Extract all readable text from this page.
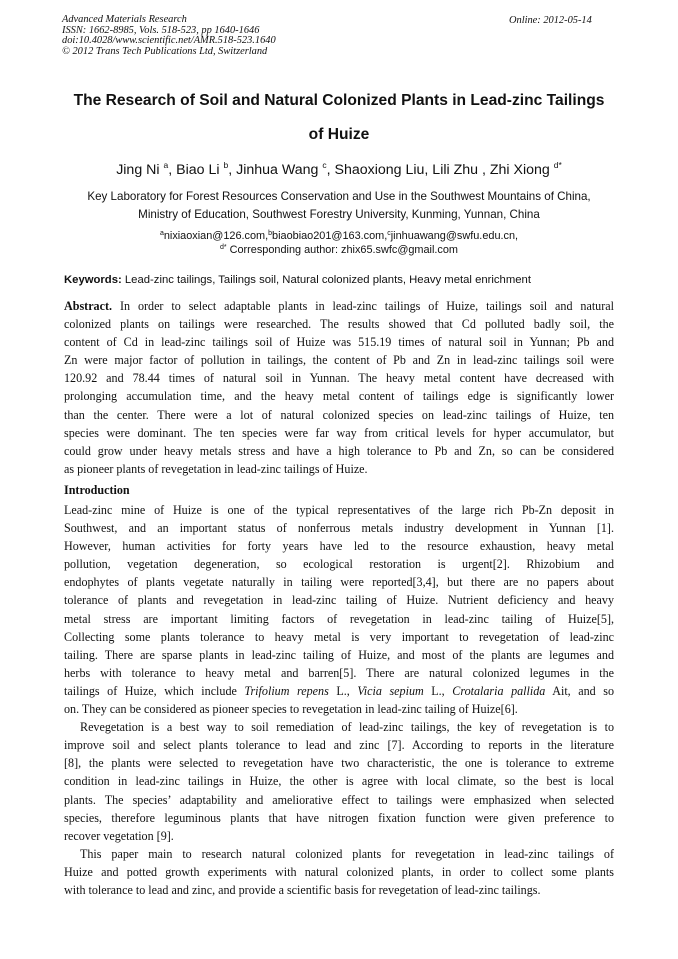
Advanced Materials Research
ISSN: 1662-8985, Vols. 518-523, pp 1640-1646
doi:10.4028/www.scientific.net/AMR.518-523.1640
© 2012 Trans Tech Publications Ltd, Switzerland
Online: 2012-05-14
The Research of Soil and Natural Colonized Plants in Lead-zinc Tailings
of Huize
Jing Ni $^a$, Biao Li $^b$, Jinhua Wang $^c$, Shaoxiong Liu, Lili Zhu , Zhi Xiong $^{d*}$
Key Laboratory for Forest Resources Conservation and Use in the Southwest Mountains of China,
Ministry of Education, Southwest Forestry University, Kunming, Yunnan, China
$^a$nixiaoxian@126.com,$^b$biaobiao201@163.com,$^c$jinhuawang@swfu.edu.cn,
$^{d*}$ Corresponding author: zhix65.swfc@gmail.com
Keywords: Lead-zinc tailings, Tailings soil, Natural colonized plants, Heavy metal enrichment
Abstract. In order to select adaptable plants in lead-zinc tailings of Huize, tailings soil and natural
colonized plants on tailings were researched. The results showed that Cd polluted badly soil, the
content of Cd in lead-zinc tailings soil of Huize was 515.19 times of natural soil in Yunnan; Pb and
Zn were major factor of pollution in tailings, the content of Pb and Zn in lead-zinc tailings soil were
120.92 and 78.44 times of natural soil in Yunnan. The heavy metal content have decreased with
prolonging accumulation time, and the heavy metal content of tailings edge is significantly lower
than the center. There were a lot of natural colonized species on lead-zinc tailings of Huize, ten
species were dominant. The ten species were far way from critical levels for hyper accumulator, but
could grow under heavy metals stress and have a high tolerance to Pb and Zn, so can be considered
as pioneer plants of revegetation in lead-zinc tailings of Huize.
Introduction
Lead-zinc mine of Huize is one of the typical representatives of the large rich Pb-Zn deposit in
Southwest, and an important status of nonferrous metals industry development in Yunnan [1].
However, human activities for forty years have led to the resource exhaustion, heavy metal
pollution, vegetation degeneration, so ecological restoration is urgent[2]. Rhizobium and
endophytes of plants vegetate naturally in tailing were reported[3,4], but there are no papers about
tolerance of plants and revegetation in lead-zinc tailing of Huize. Nutrient deficiency and heavy
metal stress are important limiting factors of revegetation in lead-zinc tailing of Huize[5],
Collecting some plants tolerance to heavy metal is very important to revegetation of lead-zinc
tailing. There are sparse plants in lead-zinc tailing of Huize, and most of the plants are legumes and
herbs with tolerance to heavy metal and barren[5]. There are natural colonized legumes in the
tailings of Huize, which include Trifolium repens L., Vicia sepium L., Crotalaria pallida Ait, and so
on. They can be considered as pioneer species to revegetation in lead-zinc tailing of Huize[6].
Revegetation is a best way to soil remediation of lead-zinc tailings, the key of revegetation is to
improve soil and select plants tolerance to lead and zinc [7]. According to reports in the literature
[8], the plants were selected to revegetation have two characteristic, the one is tolerance to extreme
condition in lead-zinc tailings in Huize, the other is agree with local climate, so the best is local
plants. The species’ adaptability and ameliorative effect to tailings were emphasized when selected
species, therefore leguminous plants that have nitrogen fixation function were given preference to
recover vegetation [9].
This paper main to research natural colonized plants for revegetation in lead-zinc tailings of
Huize and potted growth experiments with natural colonized plants, in order to collect some plants
with tolerance to lead and zinc, and provide a scientific basis for revegetation of lead-zinc tailings.
